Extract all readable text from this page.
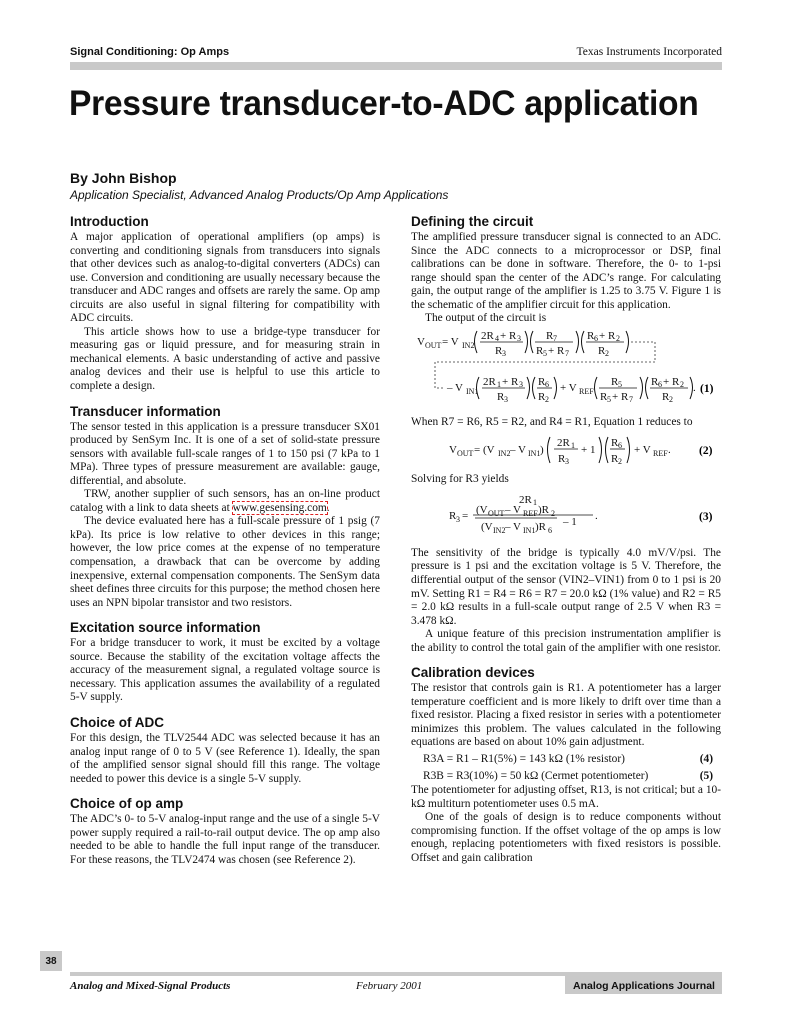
Signal Conditioning: Op Amps	Texas Instruments Incorporated
Pressure transducer-to-ADC application
By John Bishop
Application Specialist, Advanced Analog Products/Op Amp Applications
Introduction

A major application of operational amplifiers (op amps) is converting and conditioning signals from transducers into signals that other devices such as analog-to-digital converters (ADCs) can use. Conversion and conditioning are usually necessary because the transducer and ADC ranges and offsets are rarely the same. Op amp circuits are also useful in signal filtering for compatibility with ADC circuits.

This article shows how to use a bridge-type transducer for measuring gas or liquid pressure, and for measuring strain in mechanical elements. A basic understanding of active and passive analog devices and their use is helpful to use this article to complete a design.

Transducer information

The sensor tested in this application is a pressure transducer SX01 produced by SenSym Inc. It is one of a set of solid-state pressure sensors with available full-scale ranges of 1 to 150 psi (7 kPa to 1 MPa). Three types of pressure measurement are available: gauge, differential, and absolute.

TRW, another supplier of such sensors, has an on-line product catalog with a link to data sheets at www.gesensing.com.

The device evaluated here has a full-scale pressure of 1 psig (7 kPa). Its price is low relative to other devices in this range; however, the low price comes at the expense of no temperature compensation, a drawback that can be overcome by adding inexpensive, external compensation components. The SenSym data sheet defines three circuits for this purpose; the method chosen here uses an NPN bipolar transistor and two resistors.

Excitation source information

For a bridge transducer to work, it must be excited by a voltage source. Because the stability of the excitation voltage affects the accuracy of the measurement signal, a regulated voltage source is necessary. This application assumes the availability of a regulated 5-V supply.

Choice of ADC

For this design, the TLV2544 ADC was selected because it has an analog input range of 0 to 5 V (see Reference 1). Ideally, the span of the amplified sensor signal should fill this range. The voltage needed to power this device is a single 5-V supply.

Choice of op amp

The ADC’s 0- to 5-V analog-input range and the use of a single 5-V power supply required a rail-to-rail output device. The op amp also needed to be able to handle the full input range of the transducer. For these reasons, the TLV2474 was chosen (see Reference 2).

Defining the circuit

The amplified pressure transducer signal is connected to an ADC. Since the ADC connects to a microprocessor or DSP, final calibrations can be done in software. Therefore, the 0- to 1-psi range should span the center of the ADC’s range. For calculating gain, the output range of the amplifier is 1.25 to 3.75 V. Figure 1 is the schematic of the amplifier circuit for this application.

The output of the circuit is

V OUT = V IN2
2R 4 + R 3
R 3
R 7
R 5 + R 7
R 6 + R 2
R 2
– V IN1
2R 1 + R 3
R 3
R 6
R 2
+ V REF
R 5
R 5 + R 7
R 6 + R 2
R 2
. (1)

When R7 = R6, R5 = R2, and R4 = R1, Equation 1 reduces to

V OUT = (V IN2 – V IN1 )
2R 1
R 3
+ 1
R 6
R 2
+ V REF . (2)

Solving for R3 yields

R 3 =
2R 1
(V OUT – V REF )R 2
(V IN2 – V IN1 )R 6
– 1 .	(3)

The sensitivity of the bridge is typically 4.0 mV/V/psi. The pressure is 1 psi and the excitation voltage is 5 V. Therefore, the differential output of the sensor (VIN2–VIN1) from 0 to 1 psi is 20 mV. Setting R1 = R4 = R6 = R7 = 20.0 kΩ (1% value) and R2 = R5 = 2.0 kΩ results in a full-scale output range of 2.5 V when R3 = 3.478 kΩ.

A unique feature of this precision instrumentation amplifier is the ability to control the total gain of the amplifier with one resistor.

Calibration devices

The resistor that controls gain is R1. A potentiometer has a larger temperature coefficient and is more likely to drift over time than a fixed resistor. Placing a fixed resistor in series with a potentiometer minimizes this problem. The values calculated in the following equations are based on about 10% gain adjustment.

R3A = R1 – R1(5%) = 143 kΩ (1% resistor)	(4)
R3B = R3(10%) = 50 kΩ (Cermet potentiometer)	(5)

The potentiometer for adjusting offset, R13, is not critical; but a 10-kΩ multiturn potentiometer uses 0.5 mA.

One of the goals of design is to reduce components without compromising function. If the offset voltage of the op amps is low enough, replacing potentiometers with fixed resistors is possible. Offset and gain calibration

38
Analog and Mixed-Signal Products	February 2001	Analog Applications Journal
